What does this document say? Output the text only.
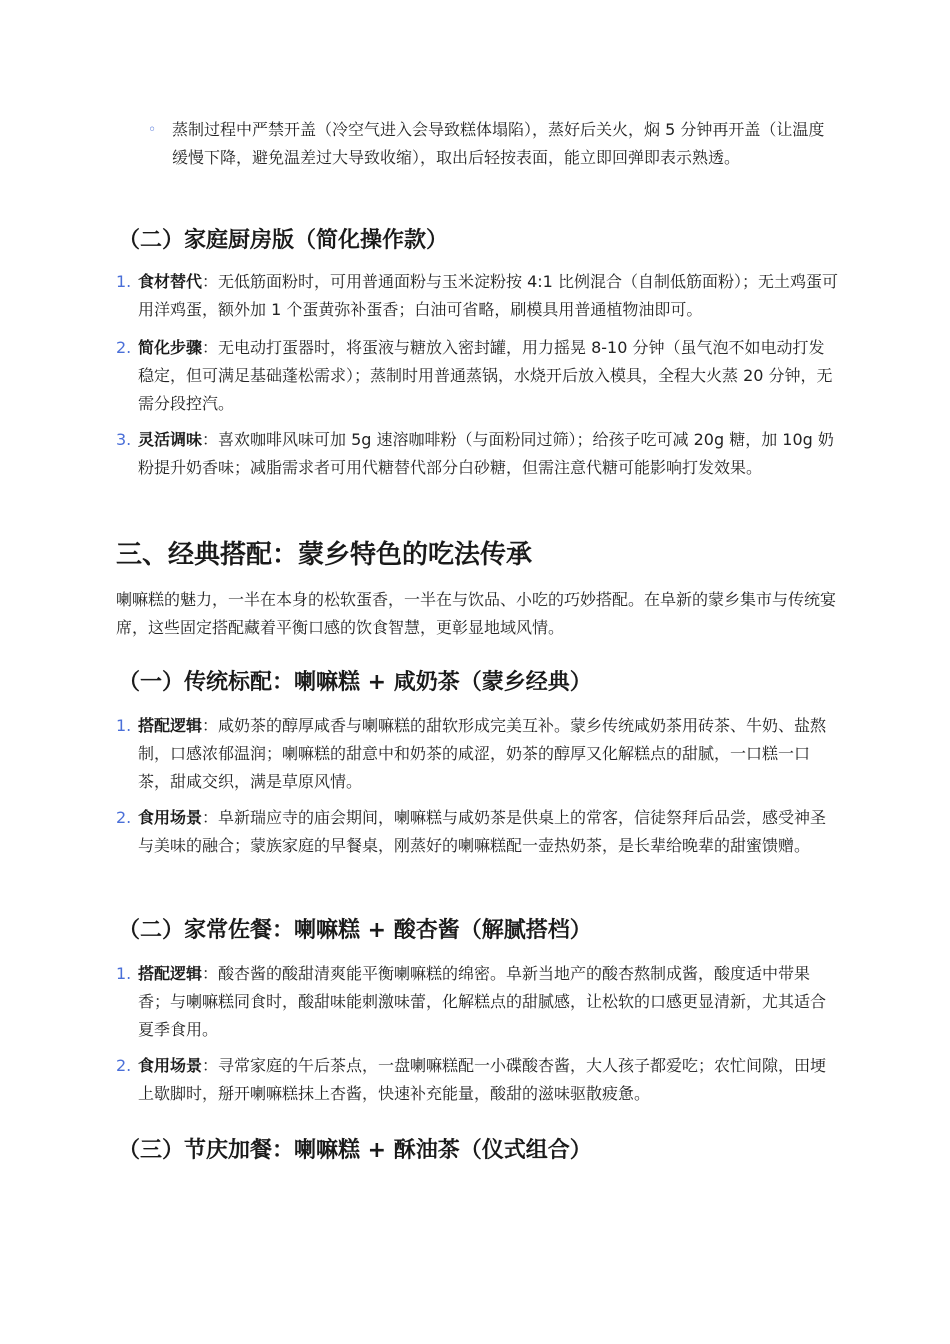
◦ 蒸制过程中严禁开盖（冷空气进入会导致糕体塌陷），蒸好后关火，焖 5 分钟再开盖（让温度缓慢下降，避免温差过大导致收缩），取出后轻按表面，能立即回弹即表示熟透。
（二）家庭厨房版（简化操作款）
1. 食材替代：无低筋面粉时，可用普通面粉与玉米淀粉按 4:1 比例混合（自制低筋面粉）；无土鸡蛋可用洋鸡蛋，额外加 1 个蛋黄弥补蛋香；白油可省略，刷模具用普通植物油即可。
2. 简化步骤：无电动打蛋器时，将蛋液与糖放入密封罐，用力摇晃 8-10 分钟（虽气泡不如电动打发稳定，但可满足基础蓬松需求）；蒸制时用普通蒸锅，水烧开后放入模具，全程大火蒸 20 分钟，无需分段控汽。
3. 灵活调味：喜欢咖啡风味可加 5g 速溶咖啡粉（与面粉同过筛）；给孩子吃可减 20g 糖，加 10g 奶粉提升奶香味；减脂需求者可用代糖替代部分白砂糖，但需注意代糖可能影响打发效果。
三、经典搭配：蒙乡特色的吃法传承
喇嘛糕的魅力，一半在本身的松软蛋香，一半在与饮品、小吃的巧妙搭配。在阜新的蒙乡集市与传统宴席，这些固定搭配藏着平衡口感的饮食智慧，更彰显地域风情。
（一）传统标配：喇嘛糕 + 咸奶茶（蒙乡经典）
1. 搭配逻辑：咸奶茶的醇厚咸香与喇嘛糕的甜软形成完美互补。蒙乡传统咸奶茶用砖茶、牛奶、盐熬制，口感浓郁温润；喇嘛糕的甜意中和奶茶的咸涩，奶茶的醇厚又化解糕点的甜腻，一口糕一口茶，甜咸交织，满是草原风情。
2. 食用场景：阜新瑞应寺的庙会期间，喇嘛糕与咸奶茶是供桌上的常客，信徒祭拜后品尝，感受神圣与美味的融合；蒙族家庭的早餐桌，刚蒸好的喇嘛糕配一壶热奶茶，是长辈给晚辈的甜蜜馈赠。
（二）家常佐餐：喇嘛糕 + 酸杏酱（解腻搭档）
1. 搭配逻辑：酸杏酱的酸甜清爽能平衡喇嘛糕的绵密。阜新当地产的酸杏熬制成酱，酸度适中带果香；与喇嘛糕同食时，酸甜味能刺激味蕾，化解糕点的甜腻感，让松软的口感更显清新，尤其适合夏季食用。
2. 食用场景：寻常家庭的午后茶点，一盘喇嘛糕配一小碟酸杏酱，大人孩子都爱吃；农忙间隙，田埂上歇脚时，掰开喇嘛糕抹上杏酱，快速补充能量，酸甜的滋味驱散疲惫。
（三）节庆加餐：喇嘛糕 + 酥油茶（仪式组合）
